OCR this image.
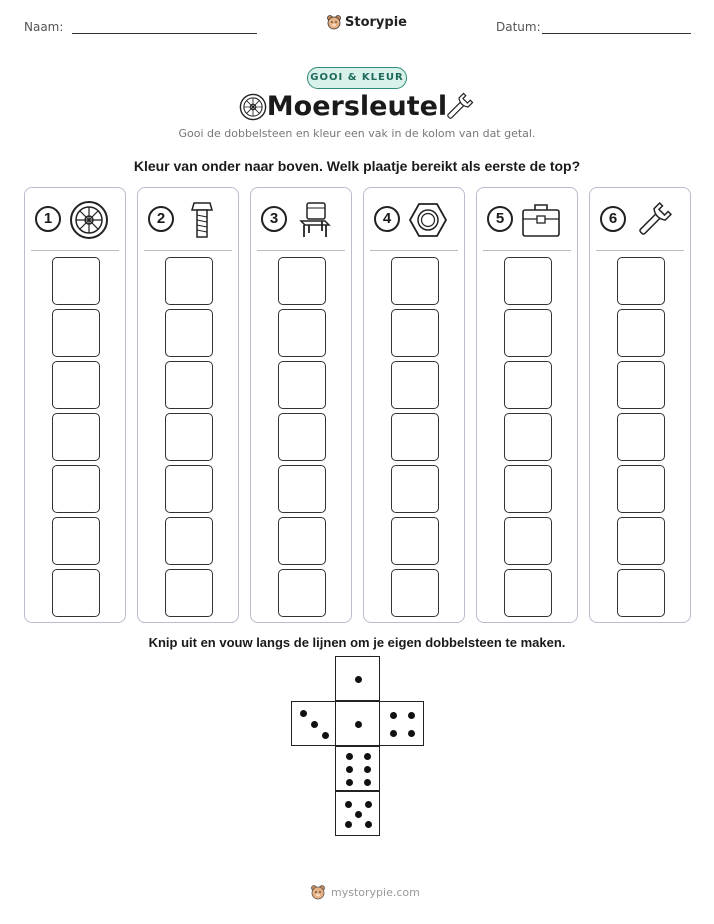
Naam:	Storypie	Datum:
GOOI & KLEUR
Moersleutel
Gooi de dobbelsteen en kleur een vak in de kolom van dat getal.
Kleur van onder naar boven. Welk plaatje bereikt als eerste de top?
1	2	3	4	5	6
Knip uit en vouw langs de lijnen om je eigen dobbelsteen te maken.
mystorypie.com
